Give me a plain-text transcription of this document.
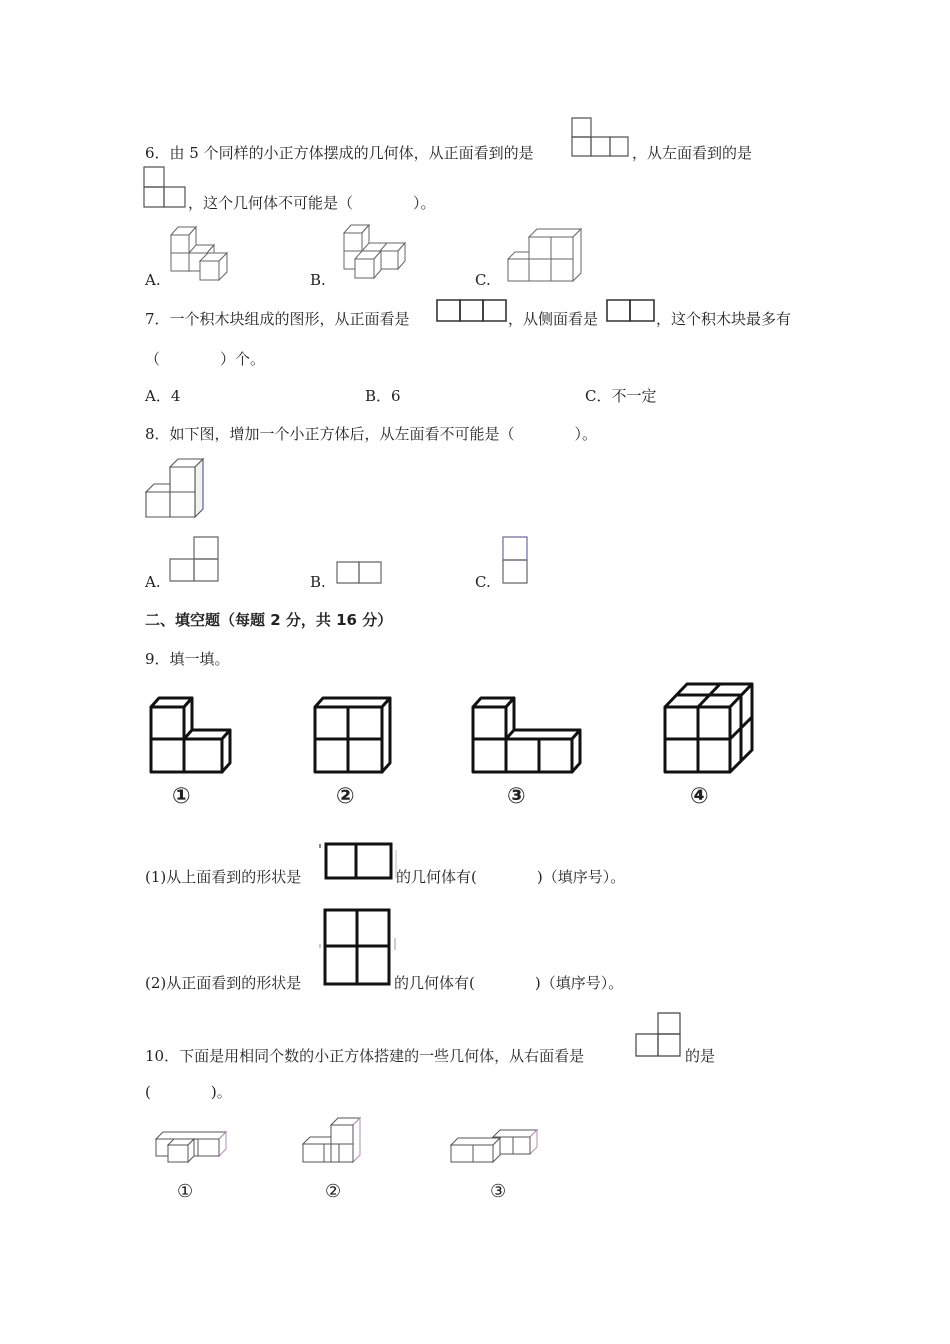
6．由 5 个同样的小正方体摆成的几何体，从正面看到的是	，从左面看到的是
，这个几何体不可能是（　　　　）。
A.	B.	C.
7．一个积木块组成的图形，从正面看是	，从侧面看是	，这个积木块最多有
（　　　　）个。
A．4	B．6	C．不一定
8．如下图，增加一个小正方体后，从左面看不可能是（　　　　）。
A.	B.	C.
二、填空题（每题 2 分，共 16 分）
9．填一填。
①	②	③	④
(1)从上面看到的形状是	的几何体有(　　　　)（填序号）。
(2)从正面看到的形状是	的几何体有(　　　　)（填序号）。
10．下面是用相同个数的小正方体搭建的一些几何体，从右面看是	的是
(　　　　)。
①	②	③
